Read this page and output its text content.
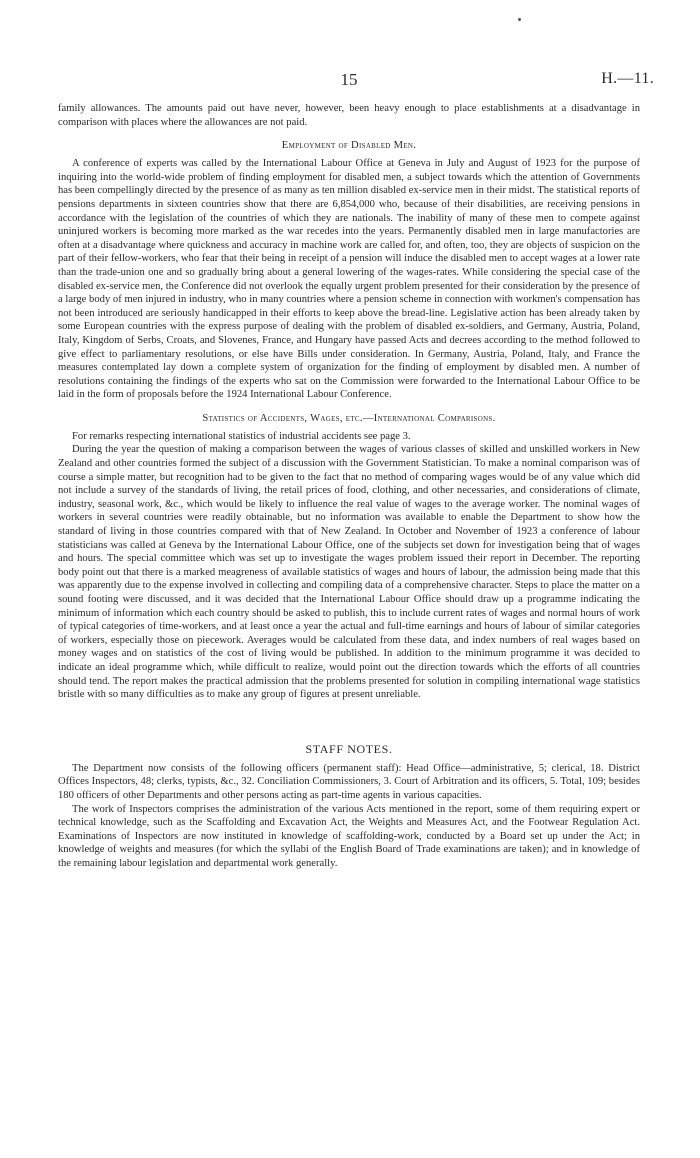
15	H.—11.

family allowances. The amounts paid out have never, however, been heavy enough to place establishments at a disadvantage in comparison with places where the allowances are not paid.

Employment of Disabled Men.

A conference of experts was called by the International Labour Office at Geneva in July and August of 1923 for the purpose of inquiring into the world-wide problem of finding employment for disabled men, a subject towards which the attention of Governments has been compellingly directed by the presence of as many as ten million disabled ex-service men in their midst. The statistical reports of pensions departments in sixteen countries show that there are 6,854,000 who, because of their disabilities, are receiving pensions in accordance with the legislation of the countries of which they are nationals. The inability of many of these men to compete against uninjured workers is becoming more marked as the war recedes into the years. Permanently disabled men in large manufactories are often at a disadvantage where quickness and accuracy in machine work are called for, and often, too, they are objects of suspicion on the part of their fellow-workers, who fear that their being in receipt of a pension will induce the disabled men to accept wages at a lower rate than the trade-union one and so gradually bring about a general lowering of the wages-rates. While considering the special case of the disabled ex-service men, the Conference did not overlook the equally urgent problem presented for their consideration by the presence of a large body of men injured in industry, who in many countries where a pension scheme in connection with workmen's compensation has not been introduced are seriously handicapped in their efforts to keep above the bread-line. Legislative action has been already taken by some European countries with the express purpose of dealing with the problem of disabled ex-soldiers, and Germany, Austria, Poland, Italy, Kingdom of Serbs, Croats, and Slovenes, France, and Hungary have passed Acts and decrees according to the method followed to give effect to parliamentary resolutions, or else have Bills under consideration. In Germany, Austria, Poland, Italy, and France the measures contemplated lay down a complete system of organization for the finding of employment by disabled men. A number of resolutions containing the findings of the experts who sat on the Commission were forwarded to the International Labour Office to be laid in the form of proposals before the 1924 International Labour Conference.

Statistics of Accidents, Wages, etc.—International Comparisons.

For remarks respecting international statistics of industrial accidents see page 3.

During the year the question of making a comparison between the wages of various classes of skilled and unskilled workers in New Zealand and other countries formed the subject of a discussion with the Government Statistician. To make a nominal comparison was of course a simple matter, but recognition had to be given to the fact that no method of comparing wages would be of any value which did not include a survey of the standards of living, the retail prices of food, clothing, and other necessaries, and considerations of climate, industry, seasonal work, &c., which would be likely to influence the real value of wages to the average worker. The nominal wages of workers in several countries were readily obtainable, but no information was available to enable the Department to show how the standard of living in those countries compared with that of New Zealand. In October and November of 1923 a conference of labour statisticians was called at Geneva by the International Labour Office, one of the subjects set down for investigation being that of wages and hours. The special committee which was set up to investigate the wages problem issued their report in December. The reporting body point out that there is a marked meagreness of available statistics of wages and hours of labour, the admission being made that this was apparently due to the expense involved in collecting and compiling data of a comprehensive character. Steps to place the matter on a sound footing were discussed, and it was decided that the International Labour Office should draw up a programme indicating the minimum of information which each country should be asked to publish, this to include current rates of wages and normal hours of work of typical categories of time-workers, and at least once a year the actual and full-time earnings and hours of labour of similar categories of workers, especially those on piecework. Averages would be calculated from these data, and index numbers of real wages based on money wages and on statistics of the cost of living would be published. In addition to the minimum programme it was decided to indicate an ideal programme which, while difficult to realize, would point out the direction towards which the efforts of all countries should tend. The report makes the practical admission that the problems presented for solution in compiling international wage statistics bristle with so many difficulties as to make any group of figures at present unreliable.

STAFF NOTES.

The Department now consists of the following officers (permanent staff): Head Office—administrative, 5; clerical, 18. District Offices Inspectors, 48; clerks, typists, &c., 32. Conciliation Commissioners, 3. Court of Arbitration and its officers, 5. Total, 109; besides 180 officers of other Departments and other persons acting as part-time agents in various capacities.

The work of Inspectors comprises the administration of the various Acts mentioned in the report, some of them requiring expert or technical knowledge, such as the Scaffolding and Excavation Act, the Weights and Measures Act, and the Footwear Regulation Act. Examinations of Inspectors are now instituted in knowledge of scaffolding-work, conducted by a Board set up under the Act; in knowledge of weights and measures (for which the syllabi of the English Board of Trade examinations are taken); and in knowledge of the remaining labour legislation and departmental work generally.
